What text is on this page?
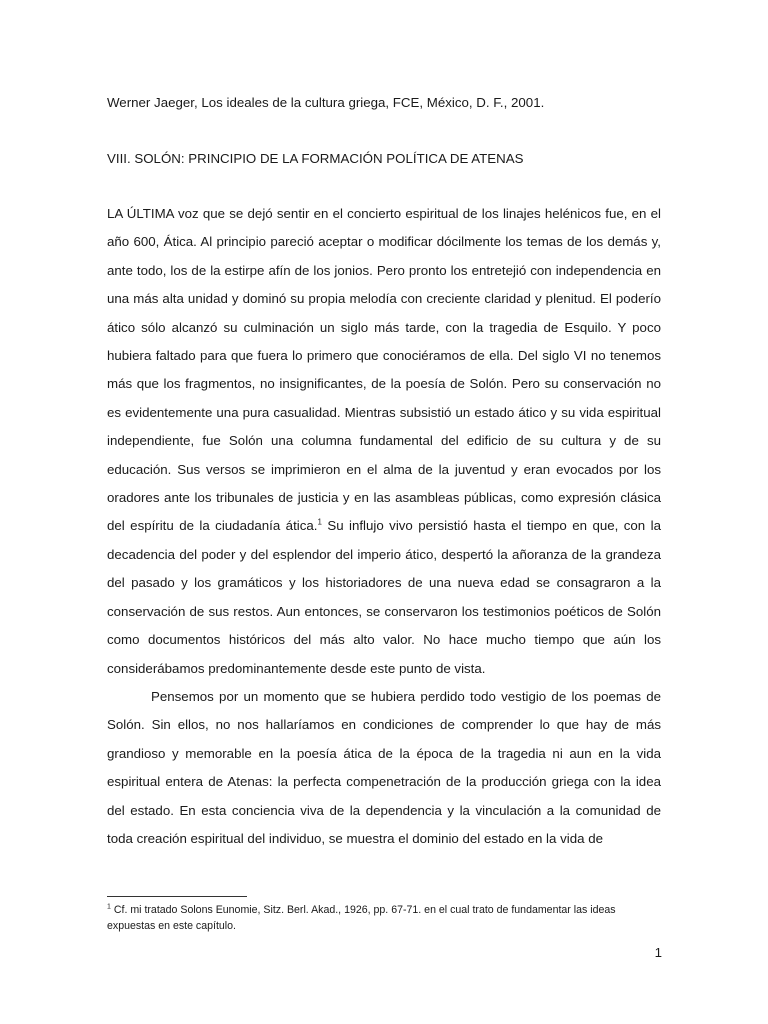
Werner Jaeger, Los ideales de la cultura griega, FCE, México, D. F., 2001.
VIII. SOLÓN: PRINCIPIO DE LA FORMACIÓN POLÍTICA DE ATENAS

LA ÚLTIMA voz que se dejó sentir en el concierto espiritual de los linajes helénicos fue, en el año 600, Ática. Al principio pareció aceptar o modificar dócilmente los temas de los demás y, ante todo, los de la estirpe afín de los jonios. Pero pronto los entretejió con independencia en una más alta unidad y dominó su propia melodía con creciente claridad y plenitud. El poderío ático sólo alcanzó su culminación un siglo más tarde, con la tragedia de Esquilo. Y poco hubiera faltado para que fuera lo primero que conociéramos de ella. Del siglo VI no tenemos más que los fragmentos, no insignificantes, de la poesía de Solón. Pero su conservación no es evidentemente una pura casualidad. Mientras subsistió un estado ático y su vida espiritual independiente, fue Solón una columna fundamental del edificio de su cultura y de su educación. Sus versos se imprimieron en el alma de la juventud y eran evocados por los oradores ante los tribunales de justicia y en las asambleas públicas, como expresión clásica del espíritu de la ciudadanía ática.$^1$ Su influjo vivo persistió hasta el tiempo en que, con la decadencia del poder y del esplendor del imperio ático, despertó la añoranza de la grandeza del pasado y los gramáticos y los historiadores de una nueva edad se consagraron a la conservación de sus restos. Aun entonces, se conservaron los testimonios poéticos de Solón como documentos históricos del más alto valor. No hace mucho tiempo que aún los considerábamos predominantemente desde este punto de vista.

Pensemos por un momento que se hubiera perdido todo vestigio de los poemas de Solón. Sin ellos, no nos hallaríamos en condiciones de comprender lo que hay de más grandioso y memorable en la poesía ática de la época de la tragedia ni aun en la vida espiritual entera de Atenas: la perfecta compenetración de la producción griega con la idea del estado. En esta conciencia viva de la dependencia y la vinculación a la comunidad de toda creación espiritual del individuo, se muestra el dominio del estado en la vida de

$^1$ Cf. mi tratado Solons Eunomie, Sitz. Berl. Akad., 1926, pp. 67-71. en el cual trato de fundamentar las ideas expuestas en este capítulo.
1
